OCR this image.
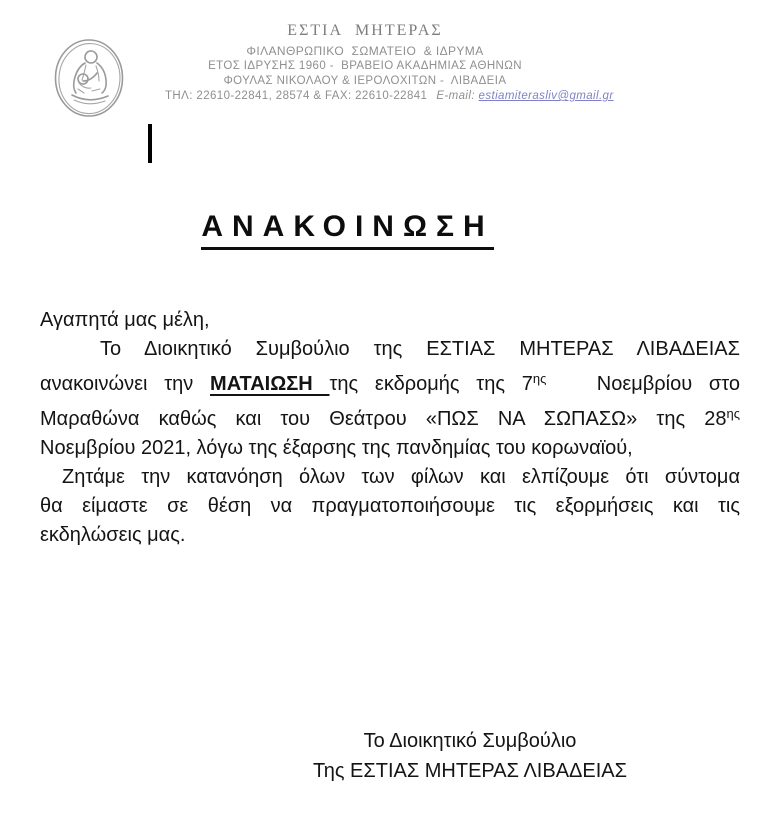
ΕΣΤΙΑ  ΜΗΤΕΡΑΣ
ΦΙΛΑΝΘΡΩΠΙΚΟ  ΣΩΜΑΤΕΙΟ  & ΙΔΡΥΜΑ
ΕΤΟΣ ΙΔΡΥΣΗΣ 1960 -  ΒΡΑΒΕΙΟ ΑΚΑΔΗΜΙΑΣ ΑΘΗΝΩΝ
ΦΟΥΛΑΣ ΝΙΚΟΛΑΟΥ & ΙΕΡΟΛΟΧΙΤΩΝ -  ΛΙΒΑΔΕΙΑ
ΤΗΛ: 22610-22841, 28574 & FAX: 22610-22841 E-mail: estiamiterasliv@gmail.gr
ΑΝΑΚΟΙΝΩΣΗ
Αγαπητά μας μέλη,
Το Διοικητικό Συμβούλιο της ΕΣΤΙΑΣ ΜΗΤΕΡΑΣ ΛΙΒΑΔΕΙΑΣ
ανακοινώνει την ΜΑΤΑΙΩΣΗ της εκδρομής της $7^{\eta\varsigma}$   Νοεμβρίου στο
Μαραθώνα καθώς και του Θεάτρου «ΠΩΣ ΝΑ ΣΩΠΑΣΩ» της $28^{\eta\varsigma}$
Νοεμβρίου 2021, λόγω της έξαρσης της πανδημίας του κορωναϊού,
Ζητάμε την κατανόηση όλων των φίλων και ελπίζουμε ότι σύντομα
θα είμαστε σε θέση να πραγματοποιήσουμε τις εξορμήσεις και τις
εκδηλώσεις μας.
Το Διοικητικό Συμβούλιο
Της ΕΣΤΙΑΣ ΜΗΤΕΡΑΣ ΛΙΒΑΔΕΙΑΣ
